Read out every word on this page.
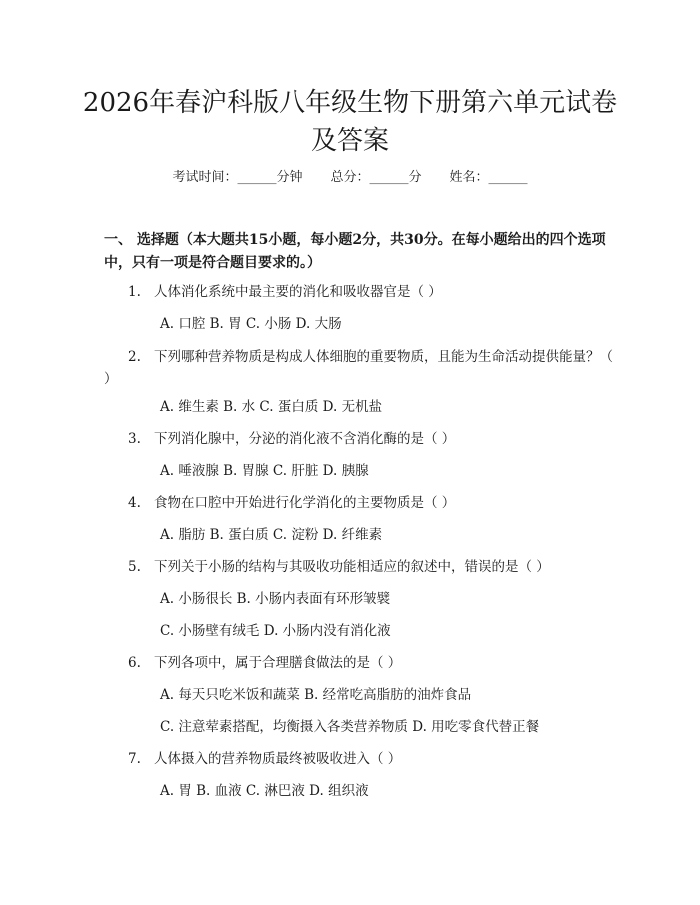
2026年春沪科版八年级生物下册第六单元试卷及答案
考试时间：______分钟 总分：______分 姓名：______

一、 选择题（本大题共15小题，每小题2分，共30分。在每小题给出的四个选项中，只有一项是符合题目要求的。）

1. 人体消化系统中最主要的消化和吸收器官是（ ）

A. 口腔 B. 胃 C. 小肠 D. 大肠

2. 下列哪种营养物质是构成人体细胞的重要物质，且能为生命活动提供能量？（ ）

A. 维生素 B. 水 C. 蛋白质 D. 无机盐

3. 下列消化腺中，分泌的消化液不含消化酶的是（ ）

A. 唾液腺 B. 胃腺 C. 肝脏 D. 胰腺

4. 食物在口腔中开始进行化学消化的主要物质是（ ）

A. 脂肪 B. 蛋白质 C. 淀粉 D. 纤维素

5. 下列关于小肠的结构与其吸收功能相适应的叙述中，错误的是（ ）

A. 小肠很长 B. 小肠内表面有环形皱襞

C. 小肠壁有绒毛 D. 小肠内没有消化液

6. 下列各项中，属于合理膳食做法的是（ ）

A. 每天只吃米饭和蔬菜 B. 经常吃高脂肪的油炸食品

C. 注意荤素搭配，均衡摄入各类营养物质 D. 用吃零食代替正餐

7. 人体摄入的营养物质最终被吸收进入（ ）

A. 胃 B. 血液 C. 淋巴液 D. 组织液
